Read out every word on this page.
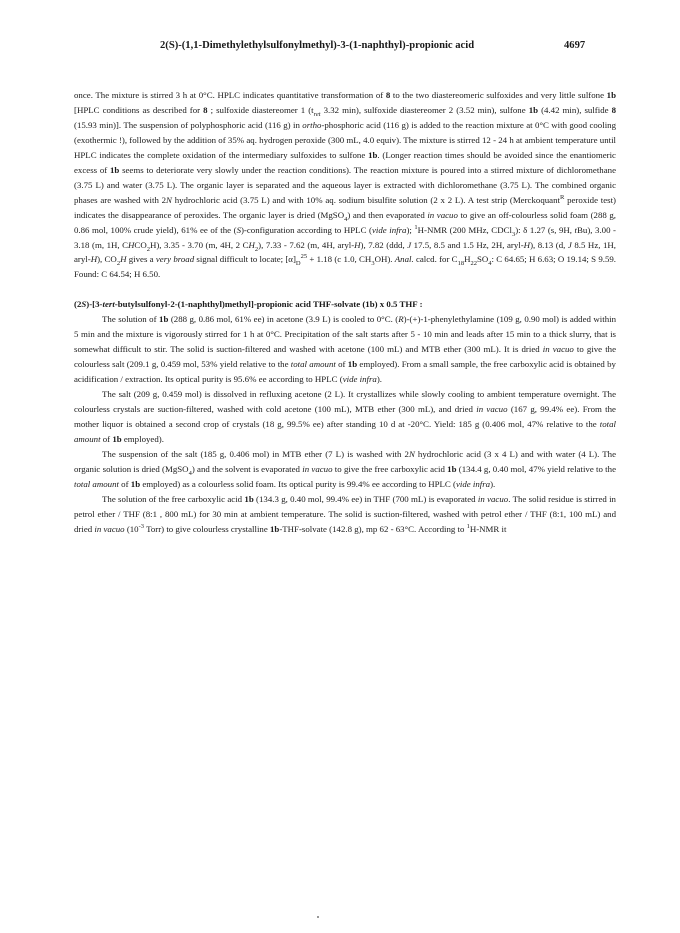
2(S)-(1,1-Dimethylethylsulfonylmethyl)-3-(1-naphthyl)-propionic acid	4697

once. The mixture is stirred 3 h at 0°C. HPLC indicates quantitative transformation of 8 to the two diastereomeric sulfoxides and very little sulfone 1b [HPLC conditions as described for 8 ; sulfoxide diastereomer 1 ($t_{ret}$ 3.32 min), sulfoxide diastereomer 2 (3.52 min), sulfone 1b (4.42 min), sulfide 8 (15.93 min)]. The suspension of polyphosphoric acid (116 g) in ortho-phosphoric acid (116 g) is added to the reaction mixture at 0°C with good cooling (exothermic !), followed by the addition of 35% aq. hydrogen peroxide (300 mL, 4.0 equiv). The mixture is stirred 12 - 24 h at ambient temperature until HPLC indicates the complete oxidation of the intermediary sulfoxides to sulfone 1b. (Longer reaction times should be avoided since the enantiomeric excess of 1b seems to deteriorate very slowly under the reaction conditions). The reaction mixture is poured into a stirred mixture of dichloromethane (3.75 L) and water (3.75 L). The organic layer is separated and the aqueous layer is extracted with dichloromethane (3.75 L). The combined organic phases are washed with 2N hydrochloric acid (3.75 L) and with 10% aq. sodium bisulfite solution (2 x 2 L). A test strip (Merckoquant$^R$ peroxide test) indicates the disappearance of peroxides. The organic layer is dried (MgSO$_4$) and then evaporated in vacuo to give an off-colourless solid foam (288 g, 0.86 mol, 100% crude yield), 61% ee of the (S)-configuration according to HPLC (vide infra); $^1$H-NMR (200 MHz, CDCl$_3$): δ 1.27 (s, 9H, tBu), 3.00 - 3.18 (m, 1H, $CHCO_2H$), 3.35 - 3.70 (m, 4H, 2 $CH_2$), 7.33 - 7.62 (m, 4H, aryl-H), 7.82 (ddd, J 17.5, 8.5 and 1.5 Hz, 2H, aryl-H), 8.13 (d, J 8.5 Hz, 1H, aryl-H), $CO_2H$ gives a very broad signal difficult to locate; $[\alpha]_D^{25} + 1.18$ (c 1.0, $CH_3OH$). Anal. calcd. for $C_{18}H_{22}SO_4$: C 64.65; H 6.63; O 19.14; S 9.59. Found: C 64.54; H 6.50.

(2S)-[3-tert-butylsulfonyl-2-(1-naphthyl)methyl]-propionic acid THF-solvate (1b) x 0.5 THF :

The solution of 1b (288 g, 0.86 mol, 61% ee) in acetone (3.9 L) is cooled to 0°C. (R)-(+)-1-phenylethylamine (109 g, 0.90 mol) is added within 5 min and the mixture is vigorously stirred for 1 h at 0°C. Precipitation of the salt starts after 5 - 10 min and leads after 15 min to a thick slurry, that is somewhat difficult to stir. The solid is suction-filtered and washed with acetone (100 mL) and MTB ether (300 mL). It is dried in vacuo to give the colourless salt (209.1 g, 0.459 mol, 53% yield relative to the total amount of 1b employed). From a small sample, the free carboxylic acid is obtained by acidification / extraction. Its optical purity is 95.6% ee according to HPLC (vide infra).

The salt (209 g, 0.459 mol) is dissolved in refluxing acetone (2 L). It crystallizes while slowly cooling to ambient temperature overnight. The colourless crystals are suction-filtered, washed with cold acetone (100 mL), MTB ether (300 mL), and dried in vacuo (167 g, 99.4% ee). From the mother liquor is obtained a second crop of crystals (18 g, 99.5% ee) after standing 10 d at -20°C. Yield: 185 g (0.406 mol, 47% relative to the total amount of 1b employed).

The suspension of the salt (185 g, 0.406 mol) in MTB ether (7 L) is washed with 2N hydrochloric acid (3 x 4 L) and with water (4 L). The organic solution is dried (MgSO$_4$) and the solvent is evaporated in vacuo to give the free carboxylic acid 1b (134.4 g, 0.40 mol, 47% yield relative to the total amount of 1b employed) as a colourless solid foam. Its optical purity is 99.4% ee according to HPLC (vide infra).

The solution of the free carboxylic acid 1b (134.3 g, 0.40 mol, 99.4% ee) in THF (700 mL) is evaporated in vacuo. The solid residue is stirred in petrol ether / THF (8:1 , 800 mL) for 30 min at ambient temperature. The solid is suction-filtered, washed with petrol ether / THF (8:1, 100 mL) and dried in vacuo ($10^{-3}$ Torr) to give colourless crystalline 1b-THF-solvate (142.8 g), mp 62 - 63°C. According to $^1$H-NMR it
